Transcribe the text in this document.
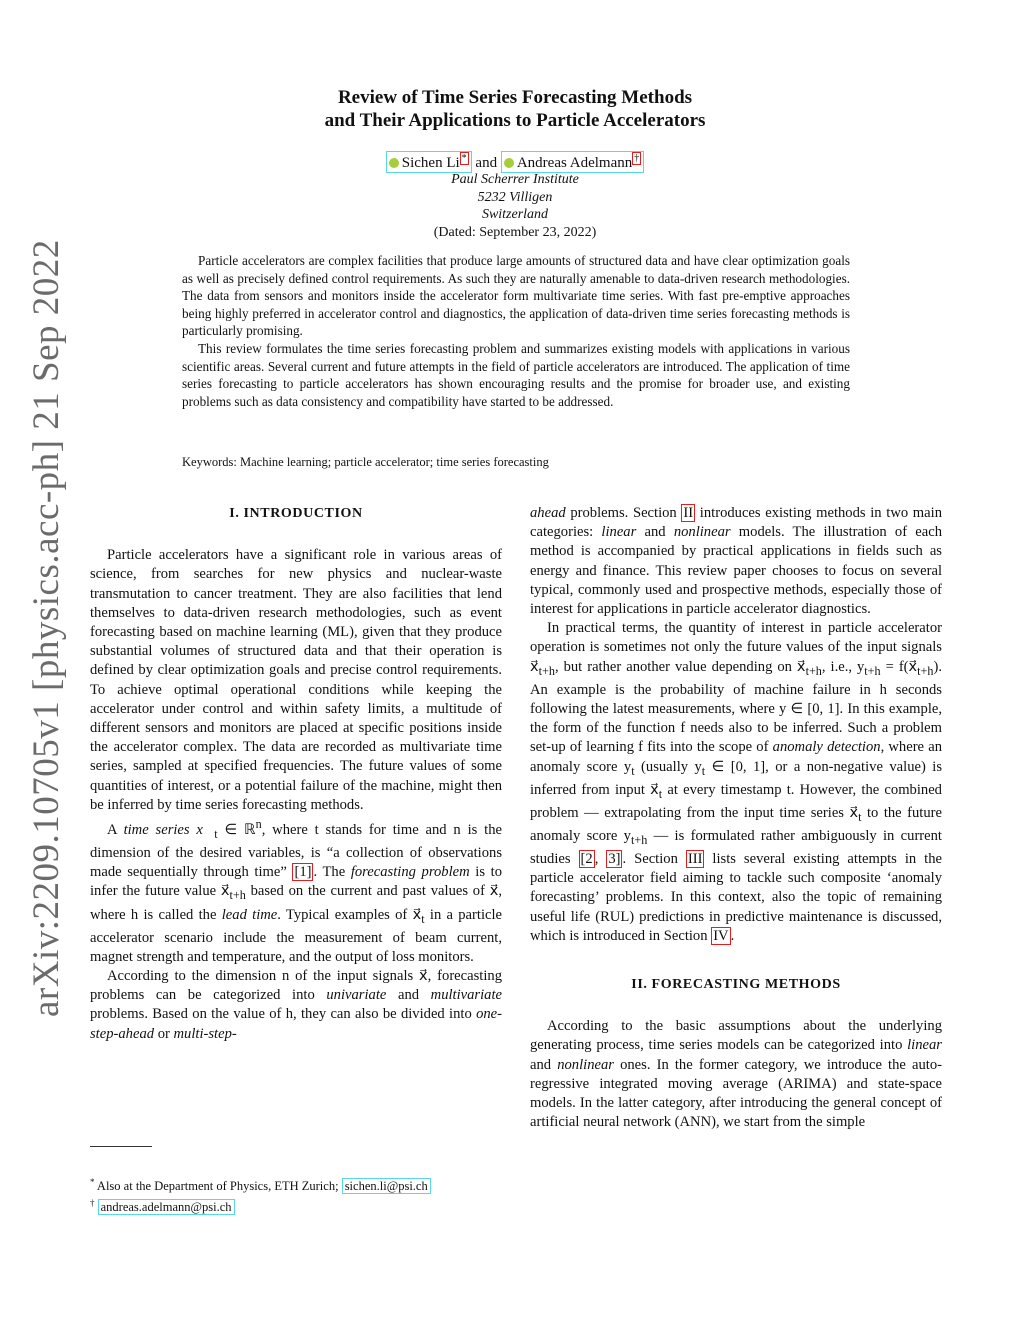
arXiv:2209.10705v1 [physics.acc-ph] 21 Sep 2022
Review of Time Series Forecasting Methods
and Their Applications to Particle Accelerators
Sichen Li * and Andreas Adelmann †
Paul Scherrer Institute
5232 Villigen
Switzerland
(Dated: September 23, 2022)

Particle accelerators are complex facilities that produce large amounts of structured data and have clear optimization goals as well as precisely defined control requirements. As such they are naturally amenable to data-driven research methodologies. The data from sensors and monitors inside the accelerator form multivariate time series. With fast pre-emptive approaches being highly preferred in accelerator control and diagnostics, the application of data-driven time series forecasting methods is particularly promising.

This review formulates the time series forecasting problem and summarizes existing models with applications in various scientific areas. Several current and future attempts in the field of particle accelerators are introduced. The application of time series forecasting to particle accelerators has shown encouraging results and the promise for broader use, and existing problems such as data consistency and compatibility have started to be addressed.

Keywords: Machine learning; particle accelerator; time series forecasting

I. INTRODUCTION

Particle accelerators have a significant role in various areas of science, from searches for new physics and nuclear-waste transmutation to cancer treatment. They are also facilities that lend themselves to data-driven research methodologies, such as event forecasting based on machine learning (ML), given that they produce substantial volumes of structured data and that their operation is defined by clear optimization goals and precise control requirements. To achieve optimal operational conditions while keeping the accelerator under control and within safety limits, a multitude of different sensors and monitors are placed at specific positions inside the accelerator complex. The data are recorded as multivariate time series, sampled at specified frequencies. The future values of some quantities of interest, or a potential failure of the machine, might then be inferred by time series forecasting methods.

A time series $x⃗_t$ ∈ ℝ$^n$, where t stands for time and n is the dimension of the desired variables, is “a collection of observations made sequentially through time” [1] . The forecasting problem is to infer the future value $x⃗_{t+h}$ based on the current and past values of x⃗, where h is called the lead time. Typical examples of $x⃗_t$ in a particle accelerator scenario include the measurement of beam current, magnet strength and temperature, and the output of loss monitors.

According to the dimension n of the input signals x⃗, forecasting problems can be categorized into univariate and multivariate problems. Based on the value of h, they can also be divided into one-step-ahead or multi-step-

ahead problems. Section II introduces existing methods in two main categories: linear and nonlinear models. The illustration of each method is accompanied by practical applications in fields such as energy and finance. This review paper chooses to focus on several typical, commonly used and prospective methods, especially those of interest for applications in particle accelerator diagnostics.

In practical terms, the quantity of interest in particle accelerator operation is sometimes not only the future values of the input signals $x⃗_{t+h}$, but rather another value depending on $x⃗_{t+h}$, i.e., $y_{t+h}$ = $f(x⃗_{t+h})$. An example is the probability of machine failure in h seconds following the latest measurements, where y ∈ [0, 1]. In this example, the form of the function f needs also to be inferred. Such a problem set-up of learning f fits into the scope of anomaly detection, where an anomaly score $y_t$ (usually $y_t$ ∈ [0, 1], or a non-negative value) is inferred from input $x⃗_t$ at every timestamp t. However, the combined problem — extrapolating from the input time series $x⃗_t$ to the future anomaly score $y_{t+h}$ — is formulated rather ambiguously in current studies [2 , 3] . Section III lists several existing attempts in the particle accelerator field aiming to tackle such composite ‘anomaly forecasting’ problems. In this context, also the topic of remaining useful life (RUL) predictions in predictive maintenance is discussed, which is introduced in Section IV .

II. FORECASTING METHODS

According to the basic assumptions about the underlying generating process, time series models can be categorized into linear and nonlinear ones. In the former category, we introduce the auto-regressive integrated moving average (ARIMA) and state-space models. In the latter category, after introducing the general concept of artificial neural network (ANN), we start from the simple

* Also at the Department of Physics, ETH Zurich; sichen.li@psi.ch
† andreas.adelmann@psi.ch
